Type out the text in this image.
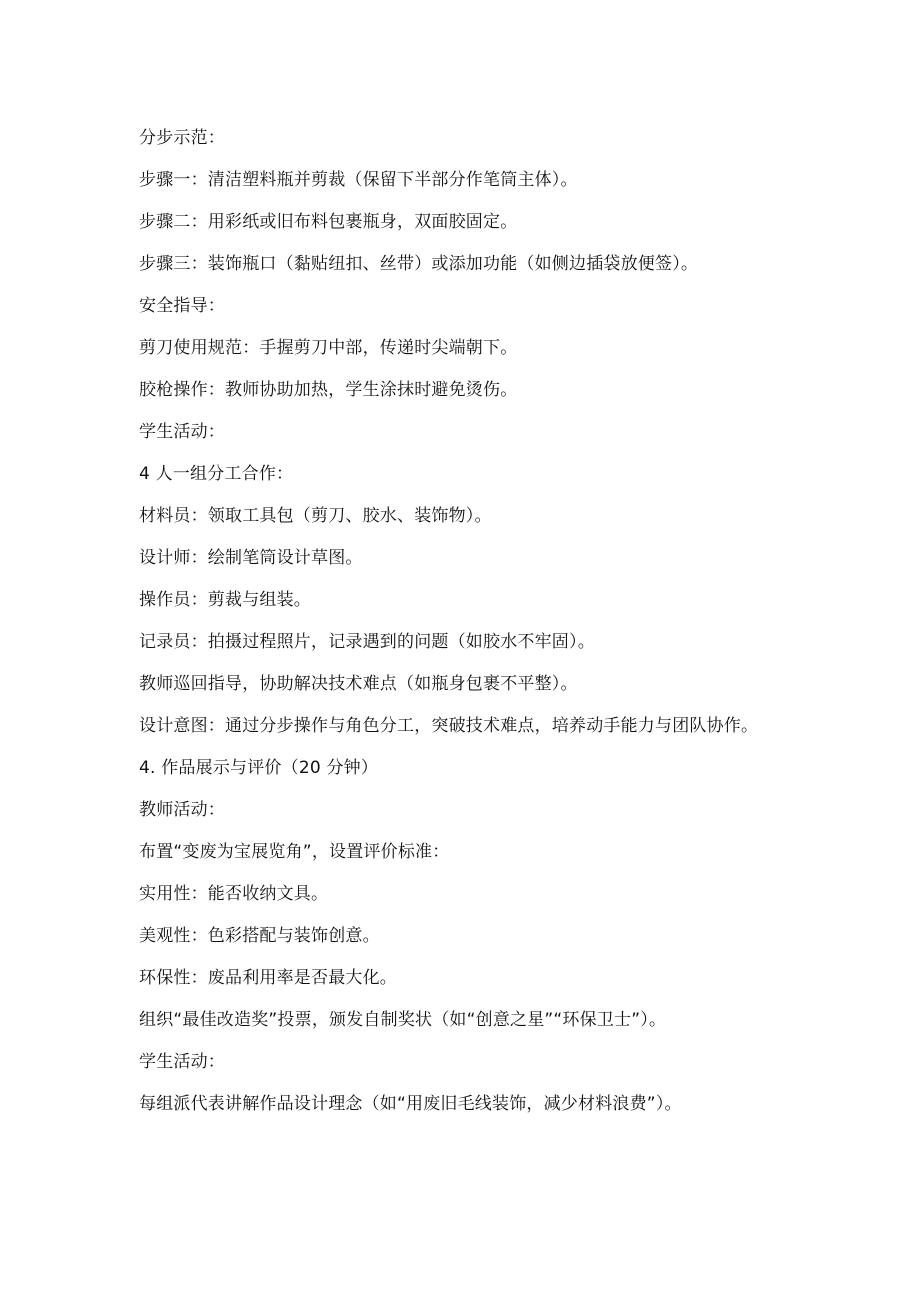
分步示范：

步骤一：清洁塑料瓶并剪裁（保留下半部分作笔筒主体）。

步骤二：用彩纸或旧布料包裹瓶身，双面胶固定。

步骤三：装饰瓶口（黏贴纽扣、丝带）或添加功能（如侧边插袋放便签）。

安全指导：

剪刀使用规范：手握剪刀中部，传递时尖端朝下。

胶枪操作：教师协助加热，学生涂抹时避免烫伤。

学生活动：

4 人一组分工合作：

材料员：领取工具包（剪刀、胶水、装饰物）。

设计师：绘制笔筒设计草图。

操作员：剪裁与组装。

记录员：拍摄过程照片，记录遇到的问题（如胶水不牢固）。

教师巡回指导，协助解决技术难点（如瓶身包裹不平整）。

设计意图：通过分步操作与角色分工，突破技术难点，培养动手能力与团队协作。

4. 作品展示与评价（20 分钟）

教师活动：

布置“变废为宝展览角”，设置评价标准：

实用性：能否收纳文具。

美观性：色彩搭配与装饰创意。

环保性：废品利用率是否最大化。

组织“最佳改造奖”投票，颁发自制奖状（如“创意之星”“环保卫士”）。

学生活动：

每组派代表讲解作品设计理念（如“用废旧毛线装饰，减少材料浪费”）。
